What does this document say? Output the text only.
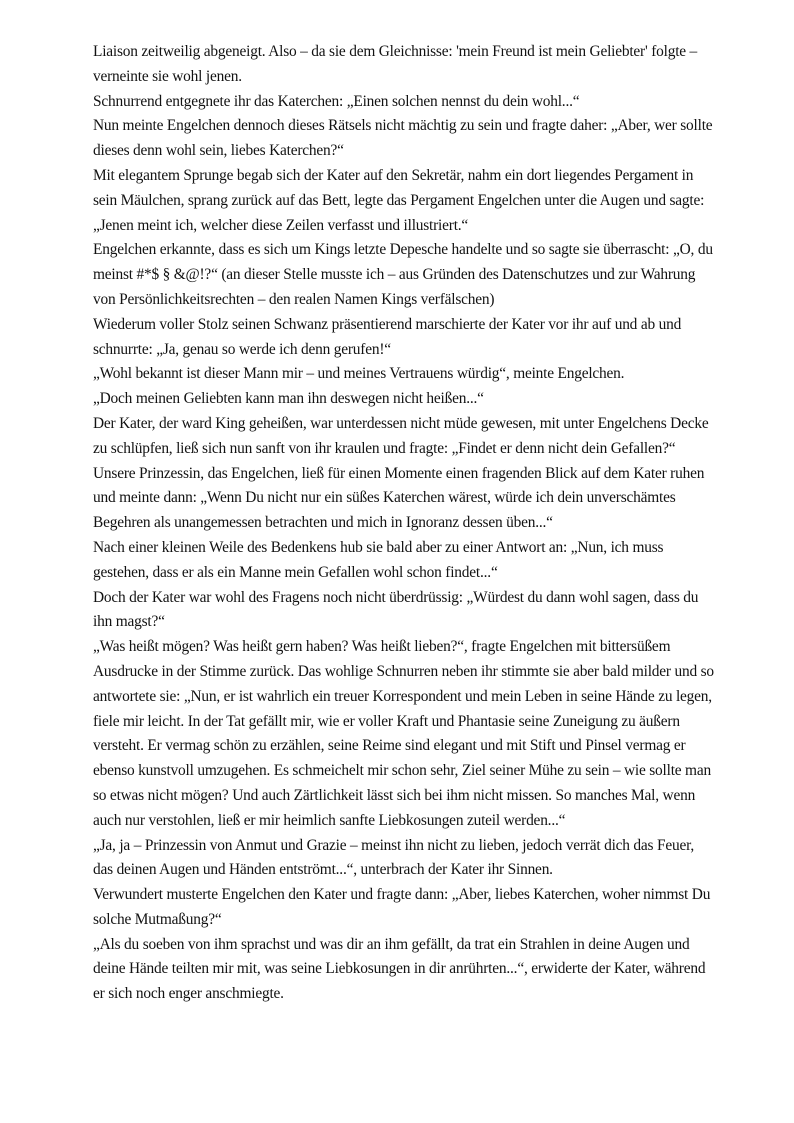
Liaison zeitweilig abgeneigt. Also – da sie dem Gleichnisse: 'mein Freund ist mein Geliebter' folgte – verneinte sie wohl jenen.

Schnurrend entgegnete ihr das Katerchen: „Einen solchen nennst du dein wohl...“

Nun meinte Engelchen dennoch dieses Rätsels nicht mächtig zu sein und fragte daher: „Aber, wer sollte dieses denn wohl sein, liebes Katerchen?“

Mit elegantem Sprunge begab sich der Kater auf den Sekretär, nahm ein dort liegendes Pergament in sein Mäulchen, sprang zurück auf das Bett, legte das Pergament Engelchen unter die Augen und sagte: „Jenen meint ich, welcher diese Zeilen verfasst und illustriert.“

Engelchen erkannte, dass es sich um Kings letzte Depesche handelte und so sagte sie überrascht: „O, du meinst #*$ § &@!?“ (an dieser Stelle musste ich – aus Gründen des Datenschutzes und zur Wahrung von Persönlichkeitsrechten – den realen Namen Kings verfälschen)

Wiederum voller Stolz seinen Schwanz präsentierend marschierte der Kater vor ihr auf und ab und schnurrte: „Ja, genau so werde ich denn gerufen!“

„Wohl bekannt ist dieser Mann mir – und meines Vertrauens würdig“, meinte Engelchen.

„Doch meinen Geliebten kann man ihn deswegen nicht heißen...“

Der Kater, der ward King geheißen, war unterdessen nicht müde gewesen, mit unter Engelchens Decke zu schlüpfen, ließ sich nun sanft von ihr kraulen und fragte: „Findet er denn nicht dein Gefallen?“

Unsere Prinzessin, das Engelchen, ließ für einen Momente einen fragenden Blick auf dem Kater ruhen und meinte dann: „Wenn Du nicht nur ein süßes Katerchen wärest, würde ich dein unverschämtes Begehren als unangemessen betrachten und mich in Ignoranz dessen üben...“

Nach einer kleinen Weile des Bedenkens hub sie bald aber zu einer Antwort an: „Nun, ich muss gestehen, dass er als ein Manne mein Gefallen wohl schon findet...“

Doch der Kater war wohl des Fragens noch nicht überdrüssig: „Würdest du dann wohl sagen, dass du ihn magst?“

„Was heißt mögen? Was heißt gern haben? Was heißt lieben?“, fragte Engelchen mit bittersüßem Ausdrucke in der Stimme zurück. Das wohlige Schnurren neben ihr stimmte sie aber bald milder und so antwortete sie: „Nun, er ist wahrlich ein treuer Korrespondent und mein Leben in seine Hände zu legen, fiele mir leicht. In der Tat gefällt mir, wie er voller Kraft und Phantasie seine Zuneigung zu äußern versteht. Er vermag schön zu erzählen, seine Reime sind elegant und mit Stift und Pinsel vermag er ebenso kunstvoll umzugehen. Es schmeichelt mir schon sehr, Ziel seiner Mühe zu sein – wie sollte man so etwas nicht mögen? Und auch Zärtlichkeit lässt sich bei ihm nicht missen. So manches Mal, wenn auch nur verstohlen, ließ er mir heimlich sanfte Liebkosungen zuteil werden...“

„Ja, ja – Prinzessin von Anmut und Grazie – meinst ihn nicht zu lieben, jedoch verrät dich das Feuer, das deinen Augen und Händen entströmt...“, unterbrach der Kater ihr Sinnen.

Verwundert musterte Engelchen den Kater und fragte dann: „Aber, liebes Katerchen, woher nimmst Du solche Mutmaßung?“

„Als du soeben von ihm sprachst und was dir an ihm gefällt, da trat ein Strahlen in deine Augen und deine Hände teilten mir mit, was seine Liebkosungen in dir anrührten...“, erwiderte der Kater, während er sich noch enger anschmiegte.
